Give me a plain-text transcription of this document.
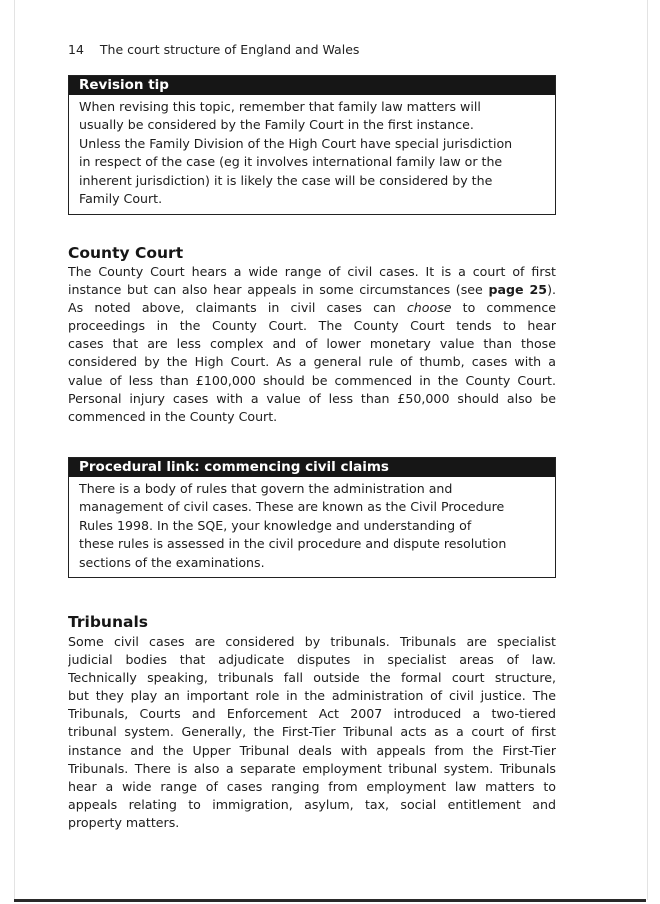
14 The court structure of England and Wales
Revision tip
When revising this topic, remember that family law matters will
usually be considered by the Family Court in the first instance.
Unless the Family Division of the High Court have special jurisdiction
in respect of the case (eg it involves international family law or the
inherent jurisdiction) it is likely the case will be considered by the
Family Court.
County Court
The County Court hears a wide range of civil cases. It is a court of first
instance but can also hear appeals in some circumstances (see page 25).
As noted above, claimants in civil cases can choose to commence
proceedings in the County Court. The County Court tends to hear
cases that are less complex and of lower monetary value than those
considered by the High Court. As a general rule of thumb, cases with a
value of less than £100,000 should be commenced in the County Court.
Personal injury cases with a value of less than £50,000 should also be
commenced in the County Court.
Procedural link: commencing civil claims
There is a body of rules that govern the administration and
management of civil cases. These are known as the Civil Procedure
Rules 1998. In the SQE, your knowledge and understanding of
these rules is assessed in the civil procedure and dispute resolution
sections of the examinations.
Tribunals
Some civil cases are considered by tribunals. Tribunals are specialist
judicial bodies that adjudicate disputes in specialist areas of law.
Technically speaking, tribunals fall outside the formal court structure,
but they play an important role in the administration of civil justice. The
Tribunals, Courts and Enforcement Act 2007 introduced a two-tiered
tribunal system. Generally, the First-Tier Tribunal acts as a court of first
instance and the Upper Tribunal deals with appeals from the First-Tier
Tribunals. There is also a separate employment tribunal system. Tribunals
hear a wide range of cases ranging from employment law matters to
appeals relating to immigration, asylum, tax, social entitlement and
property matters.
